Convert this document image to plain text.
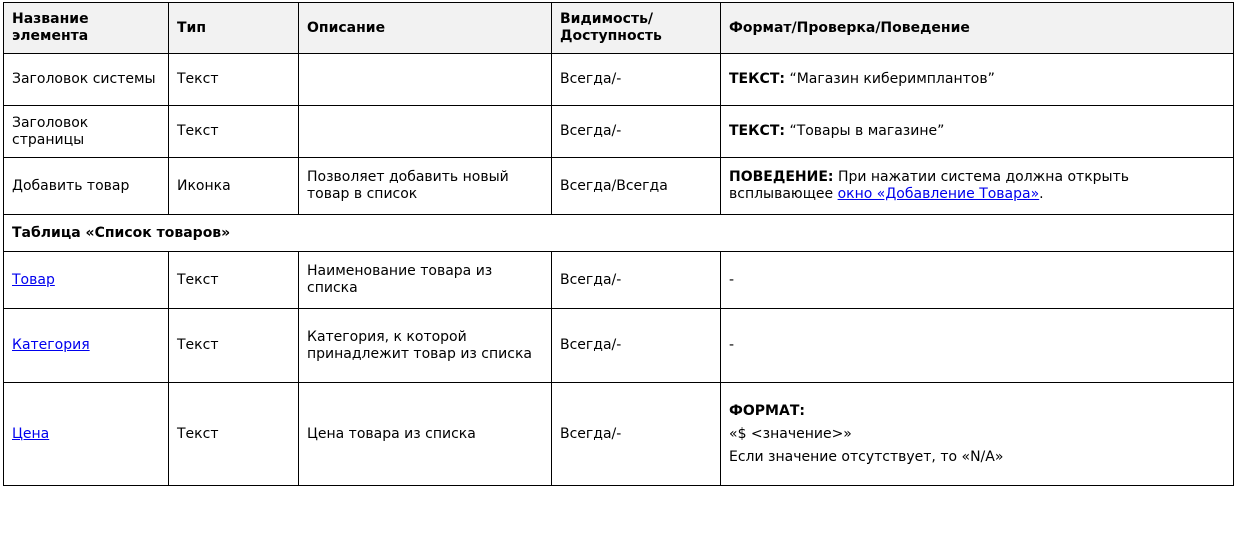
Название элемента	Тип	Описание	Видимость/Доступность	Формат/Проверка/Поведение
Заголовок системы	Текст		Всегда/-	ТЕКСТ: “Магазин киберимплантов”
Заголовок страницы	Текст		Всегда/-	ТЕКСТ: “Товары в магазине”
Добавить товар	Иконка	Позволяет добавить новый товар в список	Всегда/Всегда	ПОВЕДЕНИЕ: При нажатии система должна открыть всплывающее окно «Добавление Товара».
Таблица «Список товаров»				
Товар	Текст	Наименование товара из списка	Всегда/-	-
Категория	Текст	Категория, к которой принадлежит товар из списка	Всегда/-	-
Цена	Текст	Цена товара из списка	Всегда/-	ФОРМАТ:
«$ <значение>»
Если значение отсутствует, то «N/A»
